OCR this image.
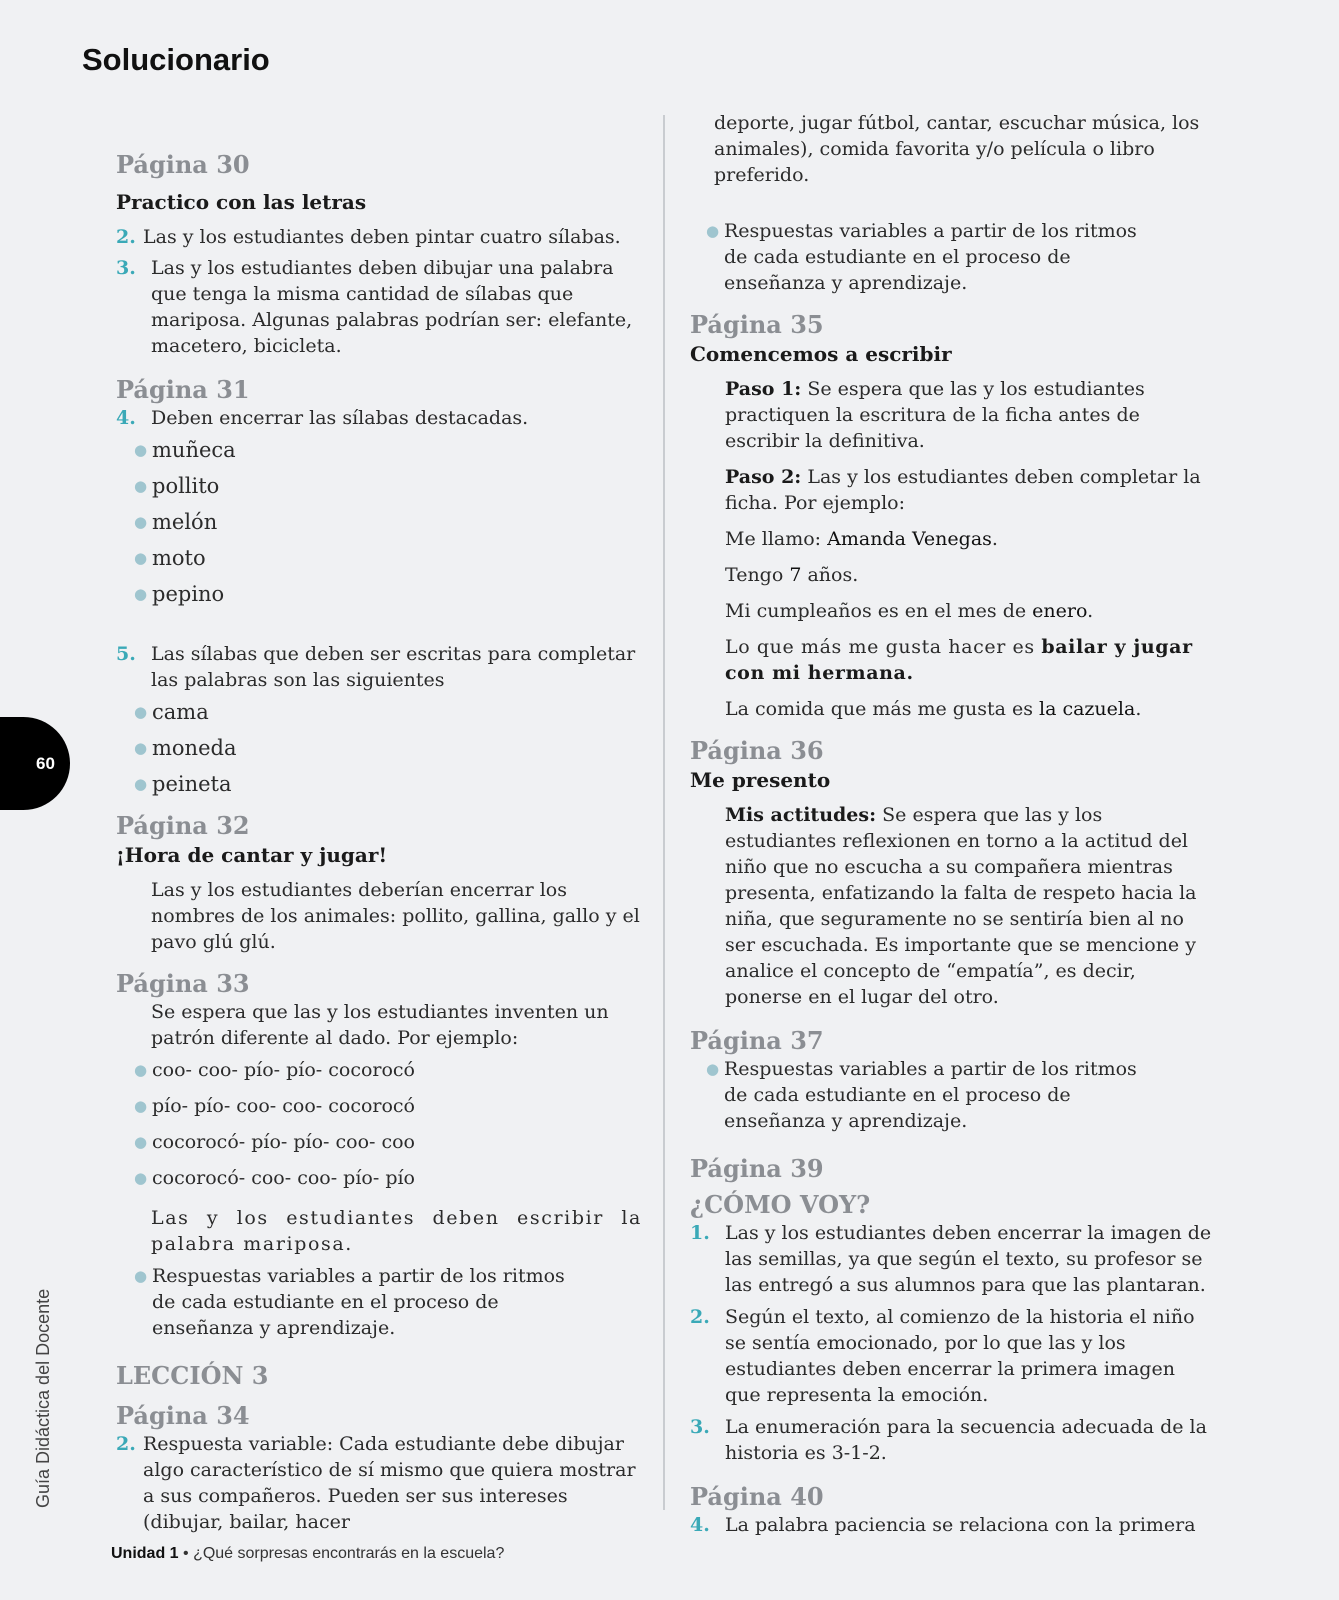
Solucionario
60
Guía Didáctica del Docente
Página 30
Practico con las letras
2. Las y los estudiantes deben pintar cuatro sílabas.
3. Las y los estudiantes deben dibujar una palabra que tenga la misma cantidad de sílabas que mariposa. Algunas palabras podrían ser: elefante, macetero, bicicleta.
Página 31
4. Deben encerrar las sílabas destacadas.
● muñeca
● pollito
● melón
● moto
● pepino
5. Las sílabas que deben ser escritas para completar las palabras son las siguientes
● cama
● moneda
● peineta
Página 32
¡Hora de cantar y jugar!

Las y los estudiantes deberían encerrar los nombres de los animales: pollito, gallina, gallo y el pavo glú glú.

Página 33

Se espera que las y los estudiantes inventen un patrón diferente al dado. Por ejemplo:

● coo- coo- pío- pío- cocorocó
● pío- pío- coo- coo- cocorocó
● cocorocó- pío- pío- coo- coo
● cocorocó- coo- coo- pío- pío

Las y los estudiantes deben escribir la palabra mariposa.

● Respuestas variables a partir de los ritmos de cada estudiante en el proceso de enseñanza y aprendizaje.
LECCIÓN 3
Página 34
2. Respuesta variable: Cada estudiante debe dibujar algo característico de sí mismo que quiera mostrar a sus compañeros. Pueden ser sus intereses (dibujar, bailar, hacer

deporte, jugar fútbol, cantar, escuchar música, los animales), comida favorita y/o película o libro preferido.

● Respuestas variables a partir de los ritmos de cada estudiante en el proceso de enseñanza y aprendizaje.
Página 35
Comencemos a escribir

Paso 1: Se espera que las y los estudiantes practiquen la escritura de la ficha antes de escribir la definitiva.

Paso 2: Las y los estudiantes deben completar la ficha. Por ejemplo:

Me llamo: Amanda Venegas.

Tengo 7 años.

Mi cumpleaños es en el mes de enero.

Lo que más me gusta hacer es bailar y jugar con mi hermana.

La comida que más me gusta es la cazuela.

Página 36
Me presento

Mis actitudes: Se espera que las y los estudiantes reflexionen en torno a la actitud del niño que no escucha a su compañera mientras presenta, enfatizando la falta de respeto hacia la niña, que seguramente no se sentiría bien al no ser escuchada. Es importante que se mencione y analice el concepto de “empatía”, es decir, ponerse en el lugar del otro.

Página 37
● Respuestas variables a partir de los ritmos de cada estudiante en el proceso de enseñanza y aprendizaje.
Página 39
¿CÓMO VOY?
1. Las y los estudiantes deben encerrar la imagen de las semillas, ya que según el texto, su profesor se las entregó a sus alumnos para que las plantaran.
2. Según el texto, al comienzo de la historia el niño se sentía emocionado, por lo que las y los estudiantes deben encerrar la primera imagen que representa la emoción.
3. La enumeración para la secuencia adecuada de la historia es 3-1-2.
Página 40
4. La palabra paciencia se relaciona con la primera
Unidad 1 • ¿Qué sorpresas encontrarás en la escuela?
